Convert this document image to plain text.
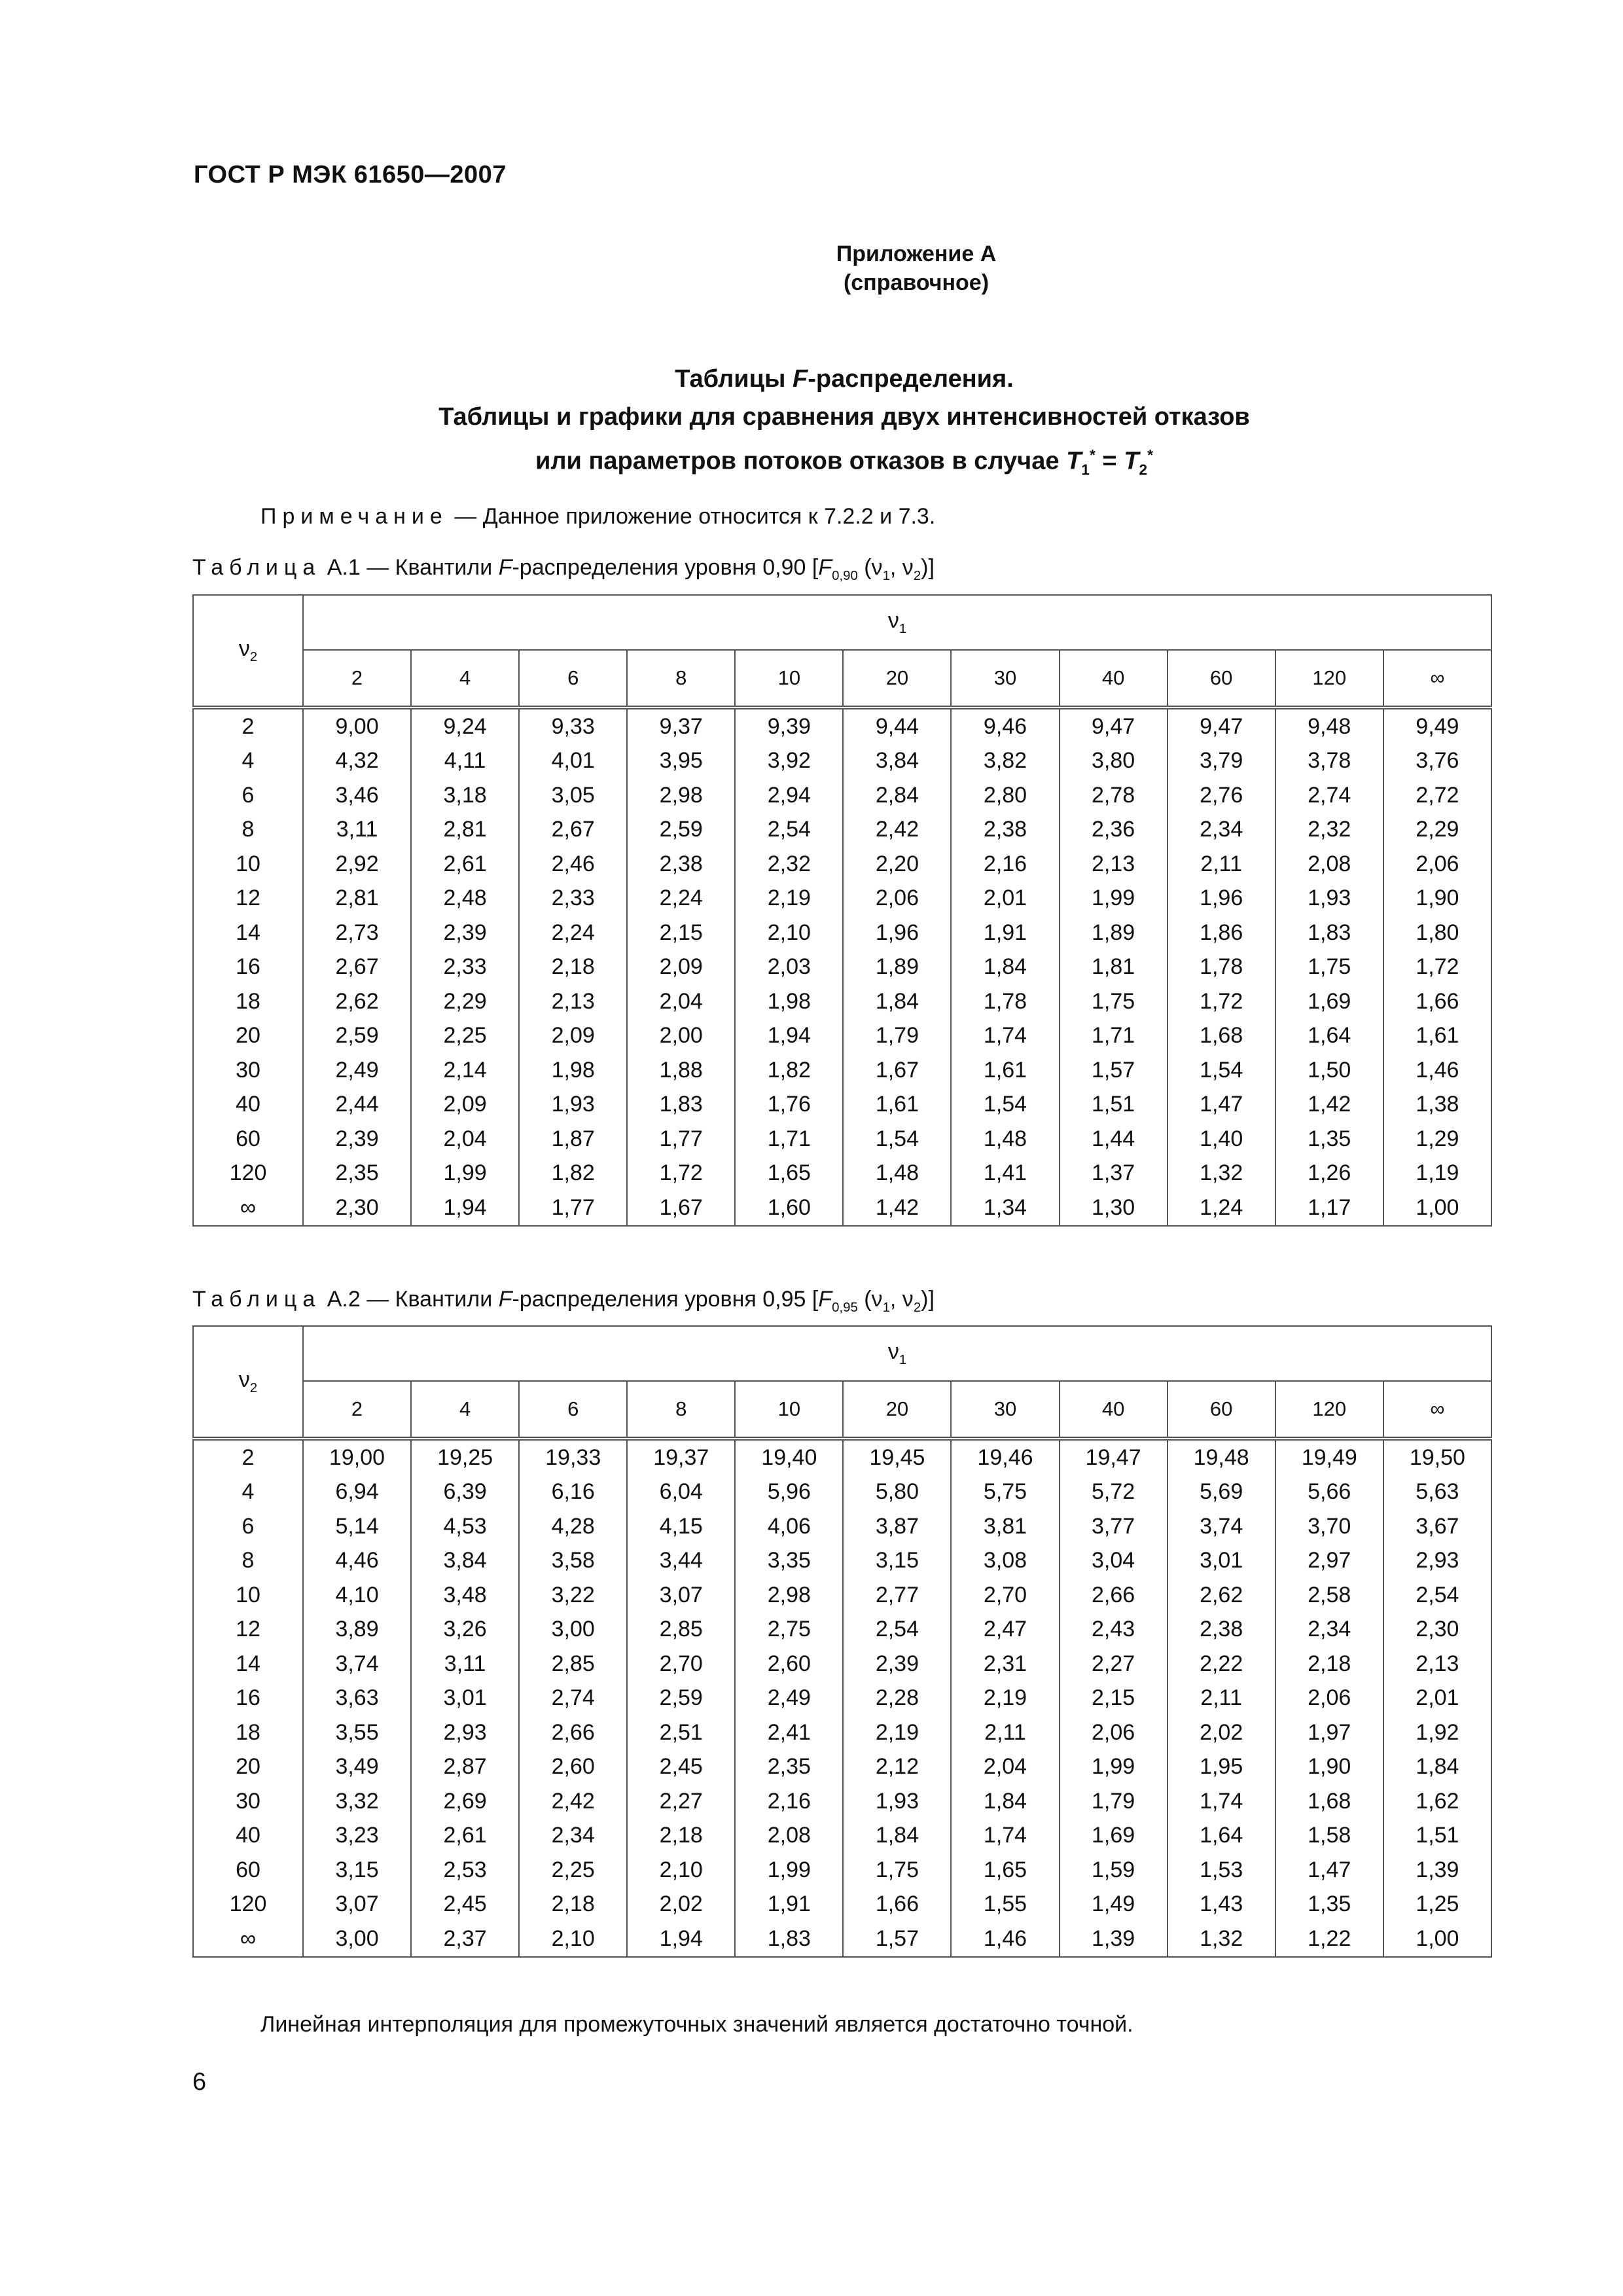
ГОСТ Р МЭК 61650—2007
Приложение А
(справочное)
Таблицы F-распределения.
Таблицы и графики для сравнения двух интенсивностей отказов
или параметров потоков отказов в случае $T_1^* = T_2^*$
Примечание — Данное приложение относится к 7.2.2 и 7.3.
Таблица А.1 — Квантили F-распределения уровня 0,90 [$F_{0,90}$ ($\nu_1$, $\nu_2$)]
$\nu_2$	$\nu_1$
	2	4	6	8	10	20	30	40	60	120	∞
2	9,00	9,24	9,33	9,37	9,39	9,44	9,46	9,47	9,47	9,48	9,49
4	4,32	4,11	4,01	3,95	3,92	3,84	3,82	3,80	3,79	3,78	3,76
6	3,46	3,18	3,05	2,98	2,94	2,84	2,80	2,78	2,76	2,74	2,72
8	3,11	2,81	2,67	2,59	2,54	2,42	2,38	2,36	2,34	2,32	2,29
10	2,92	2,61	2,46	2,38	2,32	2,20	2,16	2,13	2,11	2,08	2,06
12	2,81	2,48	2,33	2,24	2,19	2,06	2,01	1,99	1,96	1,93	1,90
14	2,73	2,39	2,24	2,15	2,10	1,96	1,91	1,89	1,86	1,83	1,80
16	2,67	2,33	2,18	2,09	2,03	1,89	1,84	1,81	1,78	1,75	1,72
18	2,62	2,29	2,13	2,04	1,98	1,84	1,78	1,75	1,72	1,69	1,66
20	2,59	2,25	2,09	2,00	1,94	1,79	1,74	1,71	1,68	1,64	1,61
30	2,49	2,14	1,98	1,88	1,82	1,67	1,61	1,57	1,54	1,50	1,46
40	2,44	2,09	1,93	1,83	1,76	1,61	1,54	1,51	1,47	1,42	1,38
60	2,39	2,04	1,87	1,77	1,71	1,54	1,48	1,44	1,40	1,35	1,29
120	2,35	1,99	1,82	1,72	1,65	1,48	1,41	1,37	1,32	1,26	1,19
∞	2,30	1,94	1,77	1,67	1,60	1,42	1,34	1,30	1,24	1,17	1,00
Таблица А.2 — Квантили F-распределения уровня 0,95 [$F_{0,95}$ ($\nu_1$, $\nu_2$)]
$\nu_2$	$\nu_1$
	2	4	6	8	10	20	30	40	60	120	∞
2	19,00	19,25	19,33	19,37	19,40	19,45	19,46	19,47	19,48	19,49	19,50
4	6,94	6,39	6,16	6,04	5,96	5,80	5,75	5,72	5,69	5,66	5,63
6	5,14	4,53	4,28	4,15	4,06	3,87	3,81	3,77	3,74	3,70	3,67
8	4,46	3,84	3,58	3,44	3,35	3,15	3,08	3,04	3,01	2,97	2,93
10	4,10	3,48	3,22	3,07	2,98	2,77	2,70	2,66	2,62	2,58	2,54
12	3,89	3,26	3,00	2,85	2,75	2,54	2,47	2,43	2,38	2,34	2,30
14	3,74	3,11	2,85	2,70	2,60	2,39	2,31	2,27	2,22	2,18	2,13
16	3,63	3,01	2,74	2,59	2,49	2,28	2,19	2,15	2,11	2,06	2,01
18	3,55	2,93	2,66	2,51	2,41	2,19	2,11	2,06	2,02	1,97	1,92
20	3,49	2,87	2,60	2,45	2,35	2,12	2,04	1,99	1,95	1,90	1,84
30	3,32	2,69	2,42	2,27	2,16	1,93	1,84	1,79	1,74	1,68	1,62
40	3,23	2,61	2,34	2,18	2,08	1,84	1,74	1,69	1,64	1,58	1,51
60	3,15	2,53	2,25	2,10	1,99	1,75	1,65	1,59	1,53	1,47	1,39
120	3,07	2,45	2,18	2,02	1,91	1,66	1,55	1,49	1,43	1,35	1,25
∞	3,00	2,37	2,10	1,94	1,83	1,57	1,46	1,39	1,32	1,22	1,00
Линейная интерполяция для промежуточных значений является достаточно точной.
6
